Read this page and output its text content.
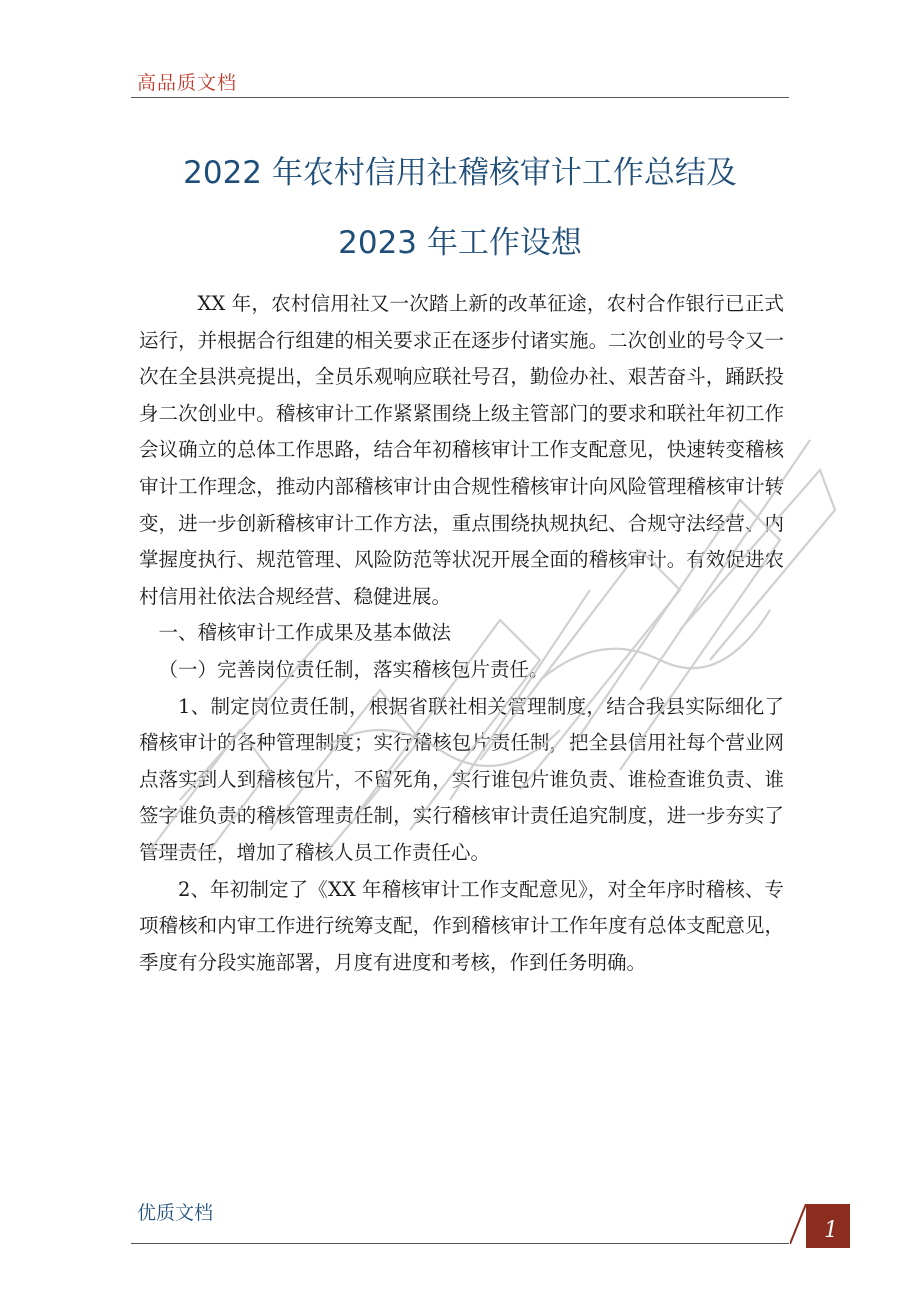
高品质文档
2022 年农村信用社稽核审计工作总结及
2023 年工作设想

XX 年，农村信用社又一次踏上新的改革征途，农村合作银行已正式运行，并根据合行组建的相关要求正在逐步付诸实施。二次创业的号令又一次在全县洪亮提出，全员乐观响应联社号召，勤俭办社、艰苦奋斗，踊跃投身二次创业中。稽核审计工作紧紧围绕上级主管部门的要求和联社年初工作会议确立的总体工作思路，结合年初稽核审计工作支配意见，快速转变稽核审计工作理念，推动内部稽核审计由合规性稽核审计向风险管理稽核审计转变，进一步创新稽核审计工作方法，重点围绕执规执纪、合规守法经营、内掌握度执行、规范管理、风险防范等状况开展全面的稽核审计。有效促进农村信用社依法合规经营、稳健进展。

一、稽核审计工作成果及基本做法

（一）完善岗位责任制，落实稽核包片责任。

1、制定岗位责任制，根据省联社相关管理制度，结合我县实际细化了稽核审计的各种管理制度；实行稽核包片责任制，把全县信用社每个营业网点落实到人到稽核包片，不留死角，实行谁包片谁负责、谁检查谁负责、谁签字谁负责的稽核管理责任制，实行稽核审计责任追究制度，进一步夯实了管理责任，增加了稽核人员工作责任心。

2、年初制定了《XX 年稽核审计工作支配意见》，对全年序时稽核、专项稽核和内审工作进行统筹支配，作到稽核审计工作年度有总体支配意见，季度有分段实施部署，月度有进度和考核，作到任务明确。

优质文档
1
